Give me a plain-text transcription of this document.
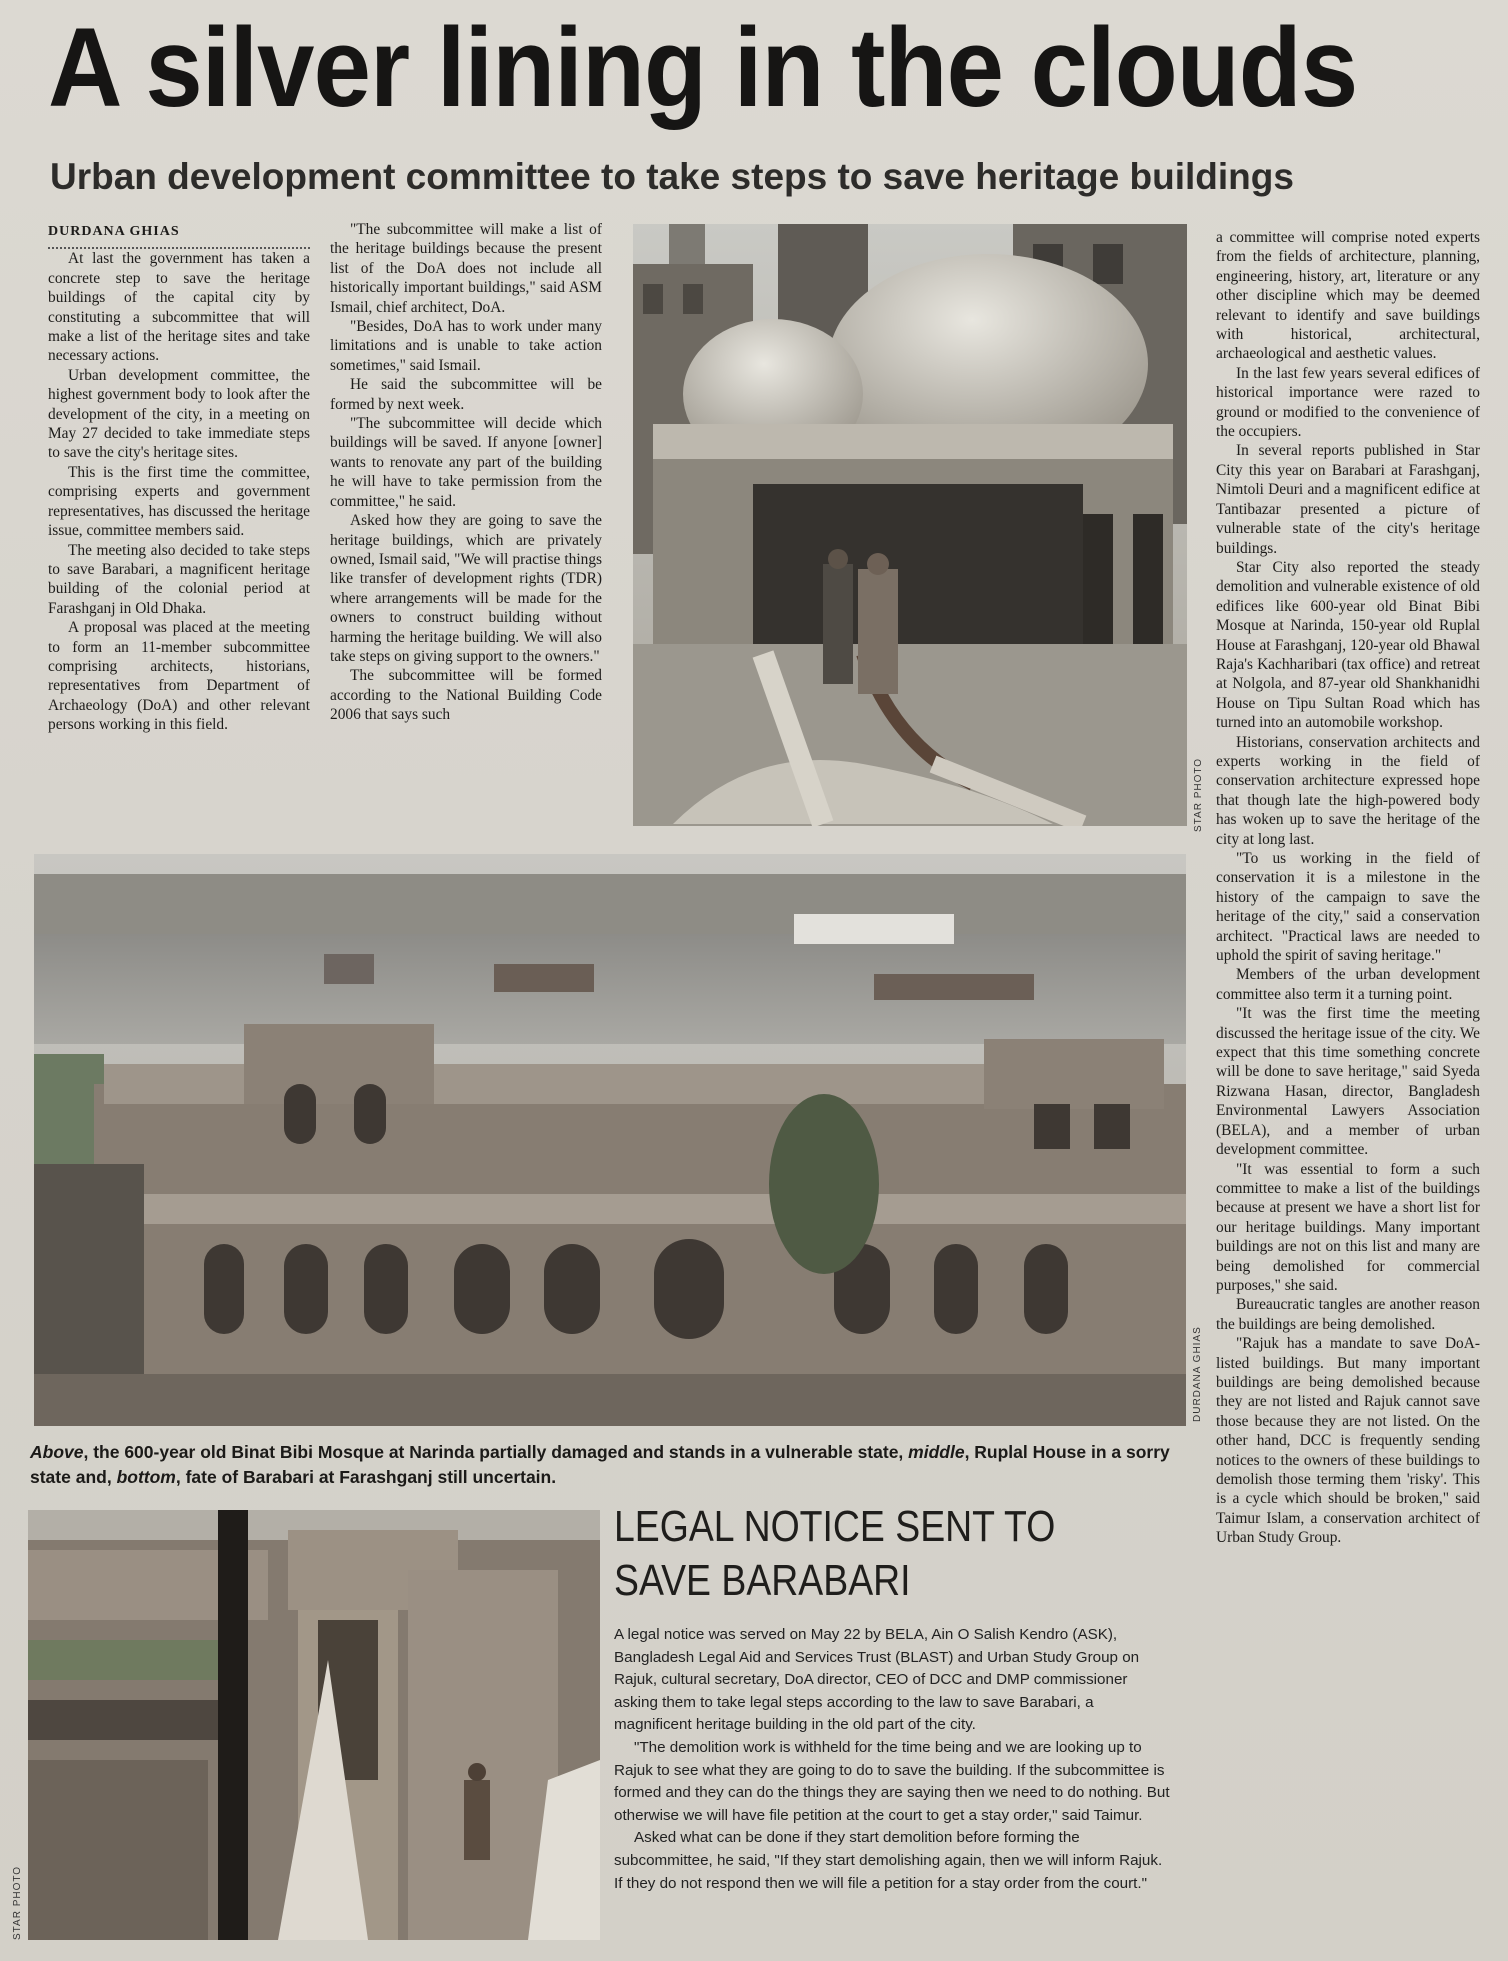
A silver lining in the clouds
Urban development committee to take steps to save heritage buildings

DURDANA GHIAS

At last the government has taken a concrete step to save the heritage buildings of the capital city by constituting a subcommittee that will make a list of the heritage sites and take necessary actions.

Urban development committee, the highest government body to look after the development of the city, in a meeting on May 27 decided to take immediate steps to save the city's heritage sites.

This is the first time the committee, comprising experts and government representatives, has discussed the heritage issue, committee members said.

The meeting also decided to take steps to save Barabari, a magnificent heritage building of the colonial period at Farashganj in Old Dhaka.

A proposal was placed at the meeting to form an 11-member subcommittee comprising architects, historians, representatives from Department of Archaeology (DoA) and other relevant persons working in this field.

"The subcommittee will make a list of the heritage buildings because the present list of the DoA does not include all historically important buildings," said ASM Ismail, chief architect, DoA.

"Besides, DoA has to work under many limitations and is unable to take action sometimes," said Ismail.

He said the subcommittee will be formed by next week.

"The subcommittee will decide which buildings will be saved. If anyone [owner] wants to renovate any part of the building he will have to take permission from the committee," he said.

Asked how they are going to save the heritage buildings, which are privately owned, Ismail said, "We will practise things like transfer of development rights (TDR) where arrangements will be made for the owners to construct building without harming the heritage building. We will also take steps on giving support to the owners."

The subcommittee will be formed according to the National Building Code 2006 that says such

STAR PHOTO

a committee will comprise noted experts from the fields of architecture, planning, engineering, history, art, literature or any other discipline which may be deemed relevant to identify and save buildings with historical, architectural, archaeological and aesthetic values.

In the last few years several edifices of historical importance were razed to ground or modified to the convenience of the occupiers.

In several reports published in Star City this year on Barabari at Farashganj, Nimtoli Deuri and a magnificent edifice at Tantibazar presented a picture of vulnerable state of the city's heritage buildings.

Star City also reported the steady demolition and vulnerable existence of old edifices like 600-year old Binat Bibi Mosque at Narinda, 150-year old Ruplal House at Farashganj, 120-year old Bhawal Raja's Kachharibari (tax office) and retreat at Nolgola, and 87-year old Shankhanidhi House on Tipu Sultan Road which has turned into an automobile workshop.

Historians, conservation architects and experts working in the field of conservation architecture expressed hope that though late the high-powered body has woken up to save the heritage of the city at long last.

"To us working in the field of conservation it is a milestone in the history of the campaign to save the heritage of the city," said a conservation architect. "Practical laws are needed to uphold the spirit of saving heritage."

Members of the urban development committee also term it a turning point.

"It was the first time the meeting discussed the heritage issue of the city. We expect that this time something concrete will be done to save heritage," said Syeda Rizwana Hasan, director, Bangladesh Environmental Lawyers Association (BELA), and a member of urban development committee.

"It was essential to form a such committee to make a list of the buildings because at present we have a short list for our heritage buildings. Many important buildings are not on this list and many are being demolished for commercial purposes," she said.

Bureaucratic tangles are another reason the buildings are being demolished.

"Rajuk has a mandate to save DoA-listed buildings. But many important buildings are being demolished because they are not listed and Rajuk cannot save those because they are not listed. On the other hand, DCC is frequently sending notices to the owners of these buildings to demolish those terming them 'risky'. This is a cycle which should be broken," said Taimur Islam, a conservation architect of Urban Study Group.

DURDANA GHIAS
Above, the 600-year old Binat Bibi Mosque at Narinda partially damaged and stands in a vulnerable state, middle, Ruplal House in a sorry state and, bottom, fate of Barabari at Farashganj still uncertain.
STAR PHOTO
LEGAL NOTICE SENT TO
SAVE BARABARI

A legal notice was served on May 22 by BELA, Ain O Salish Kendro (ASK), Bangladesh Legal Aid and Services Trust (BLAST) and Urban Study Group on Rajuk, cultural secretary, DoA director, CEO of DCC and DMP commissioner asking them to take legal steps according to the law to save Barabari, a magnificent heritage building in the old part of the city.

"The demolition work is withheld for the time being and we are looking up to Rajuk to see what they are going to do to save the building. If the subcommittee is formed and they can do the things they are saying then we need to do nothing. But otherwise we will have file petition at the court to get a stay order," said Taimur.

Asked what can be done if they start demolition before forming the subcommittee, he said, "If they start demolishing again, then we will inform Rajuk. If they do not respond then we will file a petition for a stay order from the court."
